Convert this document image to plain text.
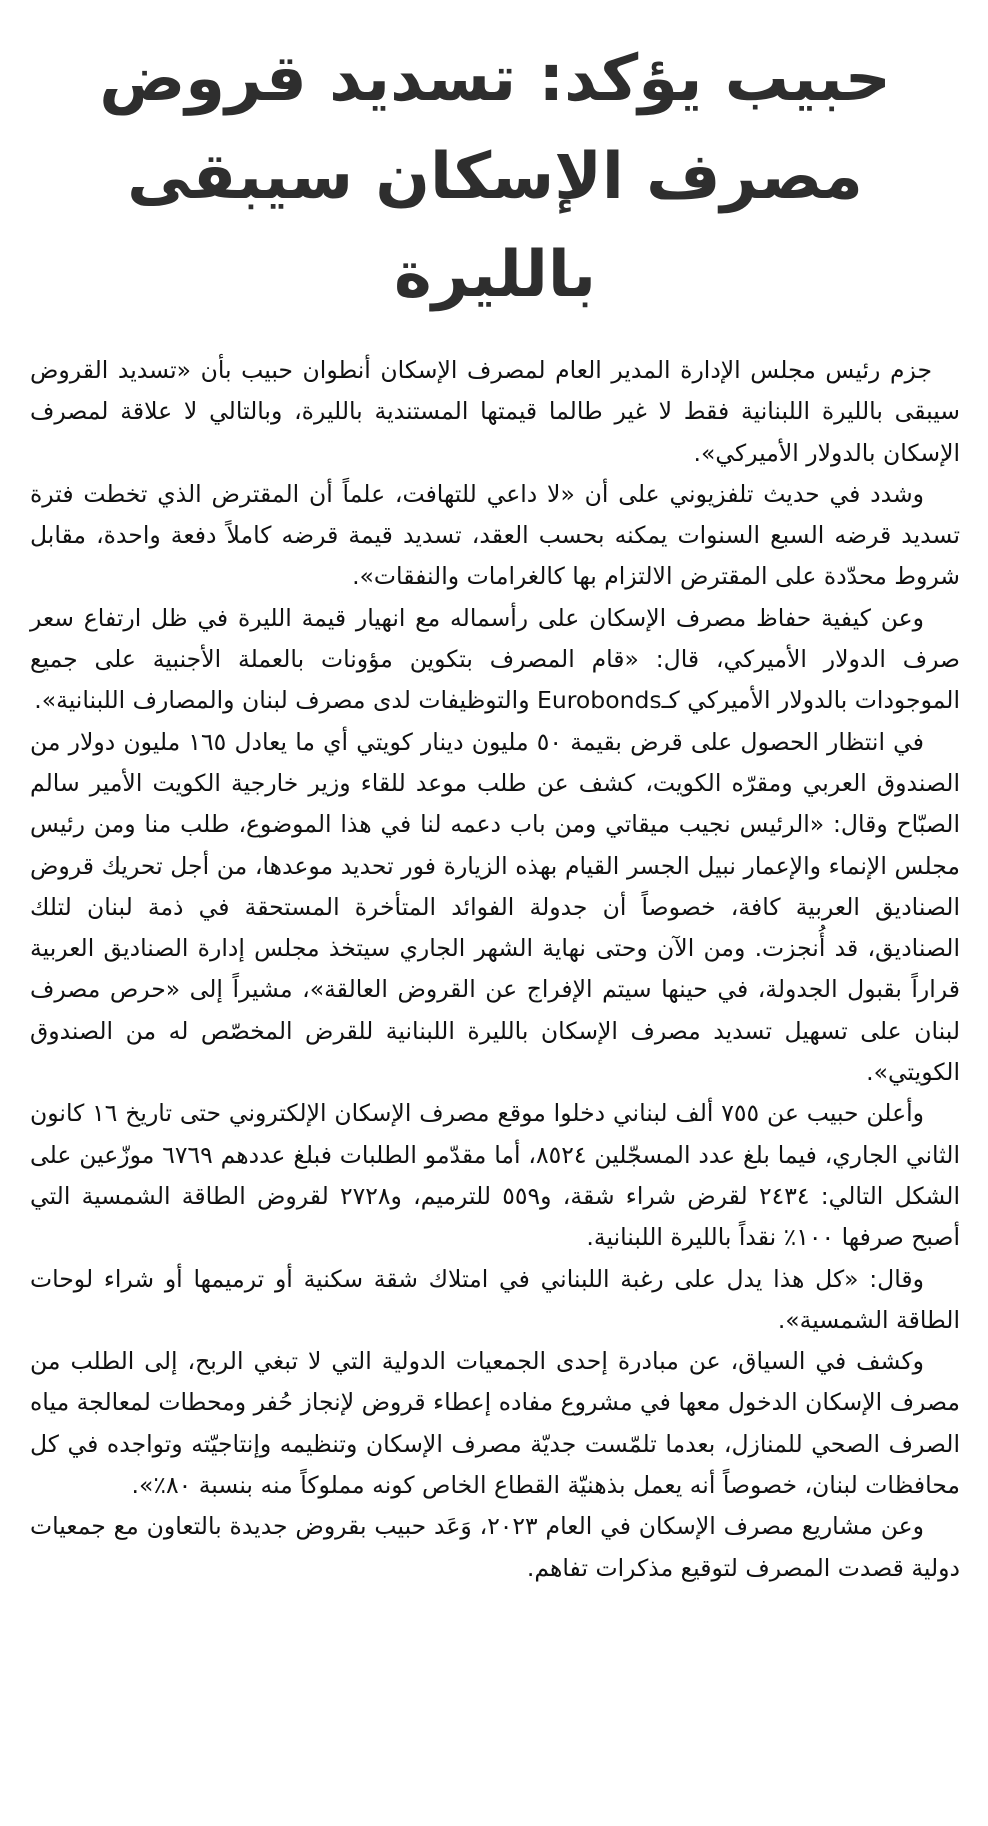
حبيب يؤكد: تسديد قروض
مصرف الإسكان سيبقى بالليرة

جزم رئيس مجلس الإدارة المدير العام لمصرف الإسكان أنطوان حبيب بأن «تسديد القروض سيبقى بالليرة اللبنانية فقط لا غير طالما قيمتها المستندية بالليرة، وبالتالي لا علاقة لمصرف الإسكان بالدولار الأميركي».

وشدد في حديث تلفزيوني على أن «لا داعي للتهافت، علماً أن المقترض الذي تخطت فترة تسديد قرضه السبع السنوات يمكنه بحسب العقد، تسديد قيمة قرضه كاملاً دفعة واحدة، مقابل شروط محدّدة على المقترض الالتزام بها كالغرامات والنفقات».

وعن كيفية حفاظ مصرف الإسكان على رأسماله مع انهيار قيمة الليرة في ظل ارتفاع سعر صرف الدولار الأميركي، قال: «قام المصرف بتكوين مؤونات بالعملة الأجنبية على جميع الموجودات بالدولار الأميركي كـEurobonds والتوظيفات لدى مصرف لبنان والمصارف اللبنانية».

في انتظار الحصول على قرض بقيمة ٥٠ مليون دينار كويتي أي ما يعادل ١٦٥ مليون دولار من الصندوق العربي ومقرّه الكويت، كشف عن طلب موعد للقاء وزير خارجية الكويت الأمير سالم الصبّاح وقال: «الرئيس نجيب ميقاتي ومن باب دعمه لنا في هذا الموضوع، طلب منا ومن رئيس مجلس الإنماء والإعمار نبيل الجسر القيام بهذه الزيارة فور تحديد موعدها، من أجل تحريك قروض الصناديق العربية كافة، خصوصاً أن جدولة الفوائد المتأخرة المستحقة في ذمة لبنان لتلك الصناديق، قد أُنجزت. ومن الآن وحتى نهاية الشهر الجاري سيتخذ مجلس إدارة الصناديق العربية قراراً بقبول الجدولة، في حينها سيتم الإفراج عن القروض العالقة»، مشيراً إلى «حرص مصرف لبنان على تسهيل تسديد مصرف الإسكان بالليرة اللبنانية للقرض المخصّص له من الصندوق الكويتي».

وأعلن حبيب عن ٧٥٥ ألف لبناني دخلوا موقع مصرف الإسكان الإلكتروني حتى تاريخ ١٦ كانون الثاني الجاري، فيما بلغ عدد المسجّلين ٨٥٢٤، أما مقدّمو الطلبات فبلغ عددهم ٦٧٦٩ موزّعين على الشكل التالي: ٢٤٣٤ لقرض شراء شقة، و٥٥٩ للترميم، و٢٧٢٨ لقروض الطاقة الشمسية التي أصبح صرفها ١٠٠٪ نقداً بالليرة اللبنانية.

وقال: «كل هذا يدل على رغبة اللبناني في امتلاك شقة سكنية أو ترميمها أو شراء لوحات الطاقة الشمسية».

وكشف في السياق، عن مبادرة إحدى الجمعيات الدولية التي لا تبغي الربح، إلى الطلب من مصرف الإسكان الدخول معها في مشروع مفاده إعطاء قروض لإنجاز حُفر ومحطات لمعالجة مياه الصرف الصحي للمنازل، بعدما تلمّست جديّة مصرف الإسكان وتنظيمه وإنتاجيّته وتواجده في كل محافظات لبنان، خصوصاً أنه يعمل بذهنيّة القطاع الخاص كونه مملوكاً منه بنسبة ٨٠٪».

وعن مشاريع مصرف الإسكان في العام ٢٠٢٣، وَعَد حبيب بقروض جديدة بالتعاون مع جمعيات دولية قصدت المصرف لتوقيع مذكرات تفاهم.
